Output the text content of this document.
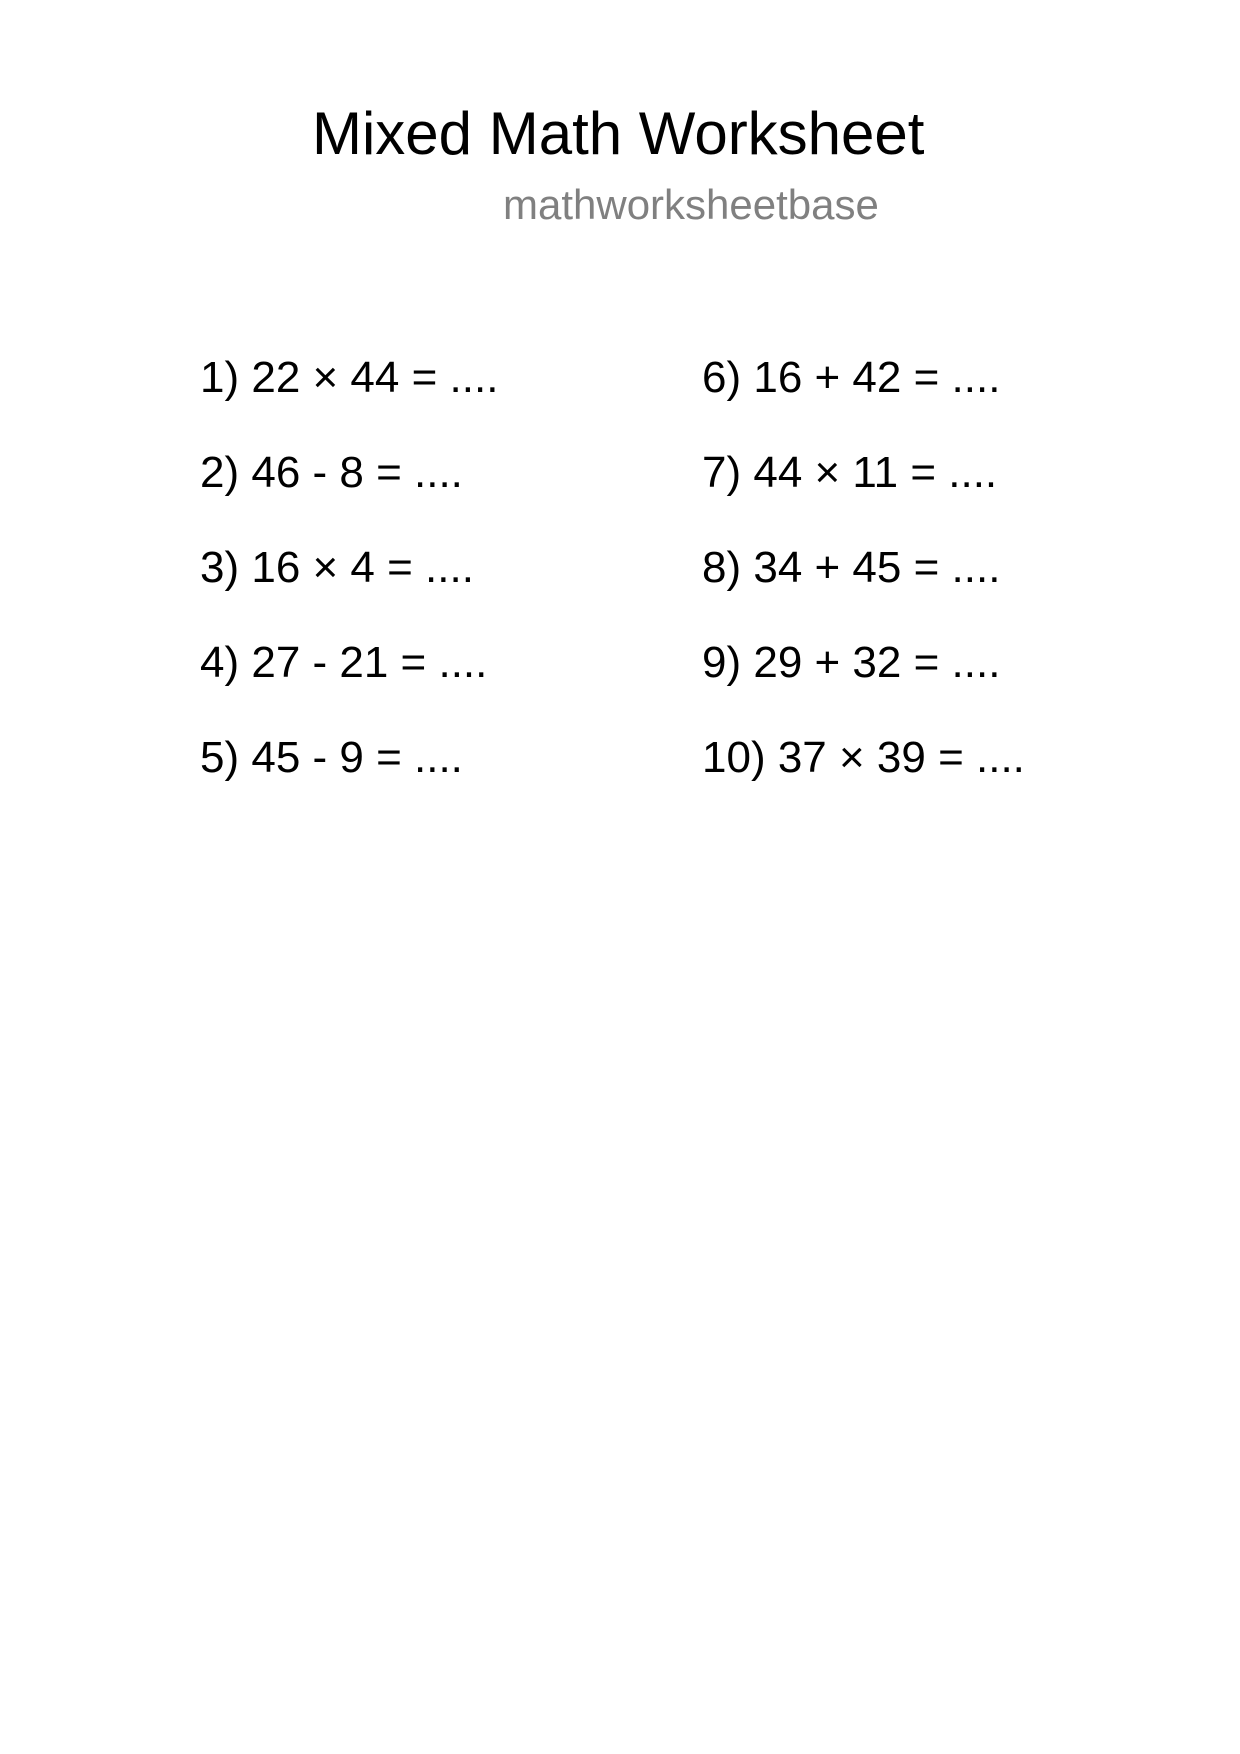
Mixed Math Worksheet
mathworksheetbase
1) 22 × 44 = ....
2) 46 - 8 = ....
3) 16 × 4 = ....
4) 27 - 21 = ....
5) 45 - 9 = ....
6) 16 + 42 = ....
7) 44 × 11 = ....
8) 34 + 45 = ....
9) 29 + 32 = ....
10) 37 × 39 = ....
